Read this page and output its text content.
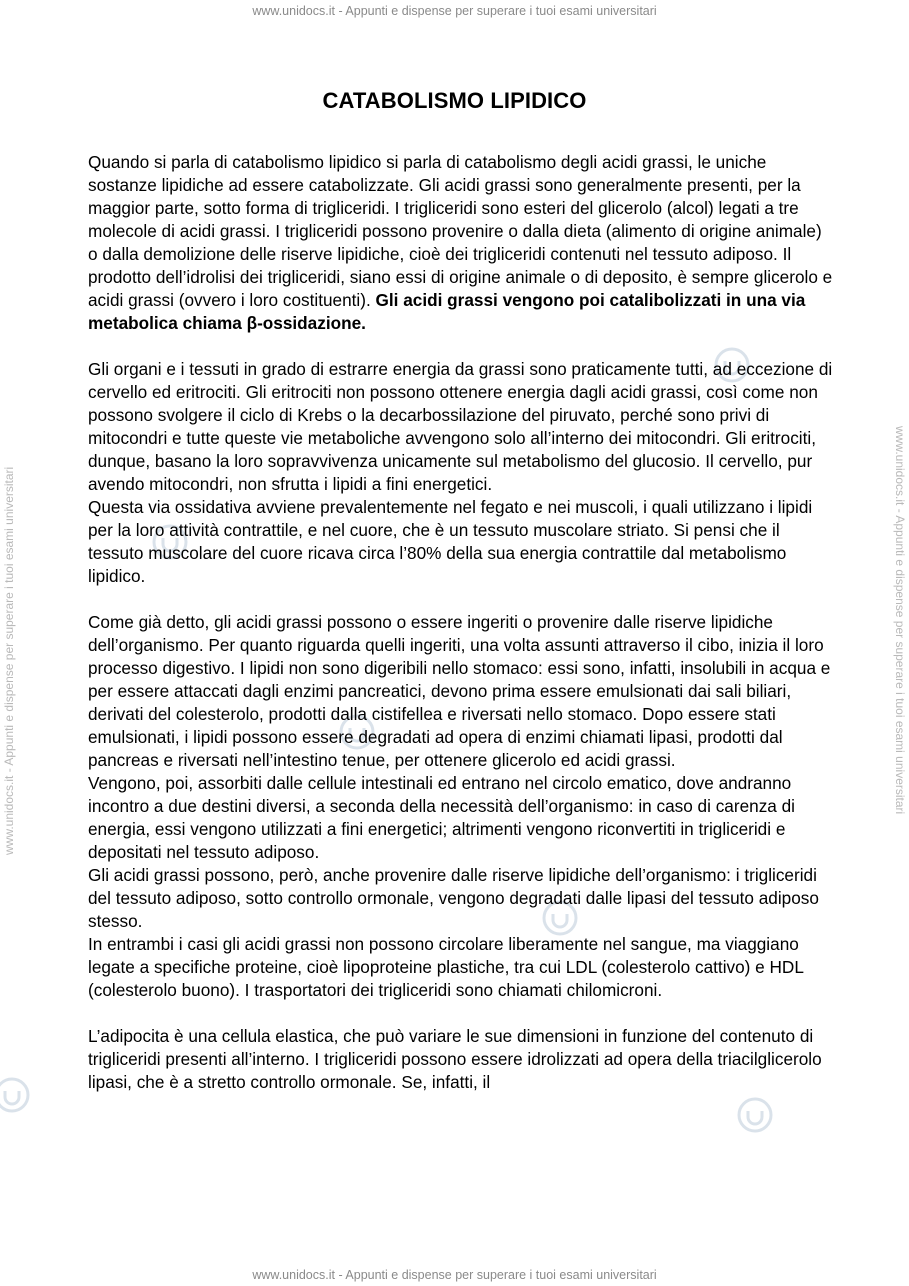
www.unidocs.it - Appunti e dispense per superare i tuoi esami universitari
www.unidocs.it - Appunti e dispense per superare i tuoi esami universitari
www.unidocs.it - Appunti e dispense per superare i tuoi esami universitari	www.unidocs.it - Appunti e dispense per superare i tuoi esami universitari
CATABOLISMO LIPIDICO

Quando si parla di catabolismo lipidico si parla di catabolismo degli acidi grassi, le uniche sostanze lipidiche ad essere catabolizzate. Gli acidi grassi sono generalmente presenti, per la maggior parte, sotto forma di trigliceridi. I trigliceridi sono esteri del glicerolo (alcol) legati a tre molecole di acidi grassi. I trigliceridi possono provenire o dalla dieta (alimento di origine animale) o dalla demolizione delle riserve lipidiche, cioè dei trigliceridi contenuti nel tessuto adiposo. Il prodotto dell’idrolisi dei trigliceridi, siano essi di origine animale o di deposito, è sempre glicerolo e acidi grassi (ovvero i loro costituenti). Gli acidi grassi vengono poi catalibolizzati in una via metabolica chiama β-ossidazione.

Gli organi e i tessuti in grado di estrarre energia da grassi sono praticamente tutti, ad eccezione di cervello ed eritrociti. Gli eritrociti non possono ottenere energia dagli acidi grassi, così come non possono svolgere il ciclo di Krebs o la decarbossilazione del piruvato, perché sono privi di mitocondri e tutte queste vie metaboliche avvengono solo all’interno dei mitocondri. Gli eritrociti, dunque, basano la loro sopravvivenza unicamente sul metabolismo del glucosio. Il cervello, pur avendo mitocondri, non sfrutta i lipidi a fini energetici.

Questa via ossidativa avviene prevalentemente nel fegato e nei muscoli, i quali utilizzano i lipidi per la loro attività contrattile, e nel cuore, che è un tessuto muscolare striato. Si pensi che il tessuto muscolare del cuore ricava circa l’80% della sua energia contrattile dal metabolismo lipidico.

Come già detto, gli acidi grassi possono o essere ingeriti o provenire dalle riserve lipidiche dell’organismo. Per quanto riguarda quelli ingeriti, una volta assunti attraverso il cibo, inizia il loro processo digestivo. I lipidi non sono digeribili nello stomaco: essi sono, infatti, insolubili in acqua e per essere attaccati dagli enzimi pancreatici, devono prima essere emulsionati dai sali biliari, derivati del colesterolo, prodotti dalla cistifellea e riversati nello stomaco. Dopo essere stati emulsionati, i lipidi possono essere degradati ad opera di enzimi chiamati lipasi, prodotti dal pancreas e riversati nell’intestino tenue, per ottenere glicerolo ed acidi grassi.

Vengono, poi, assorbiti dalle cellule intestinali ed entrano nel circolo ematico, dove andranno incontro a due destini diversi, a seconda della necessità dell’organismo: in caso di carenza di energia, essi vengono utilizzati a fini energetici; altrimenti vengono riconvertiti in trigliceridi e depositati nel tessuto adiposo.

Gli acidi grassi possono, però, anche provenire dalle riserve lipidiche dell’organismo: i trigliceridi del tessuto adiposo, sotto controllo ormonale, vengono degradati dalle lipasi del tessuto adiposo stesso.

In entrambi i casi gli acidi grassi non possono circolare liberamente nel sangue, ma viaggiano legate a specifiche proteine, cioè lipoproteine plastiche, tra cui LDL (colesterolo cattivo) e HDL (colesterolo buono). I trasportatori dei trigliceridi sono chiamati chilomicroni.

L’adipocita è una cellula elastica, che può variare le sue dimensioni in funzione del contenuto di trigliceridi presenti all’interno. I trigliceridi possono essere idrolizzati ad opera della triacilglicerolo lipasi, che è a stretto controllo ormonale. Se, infatti, il
